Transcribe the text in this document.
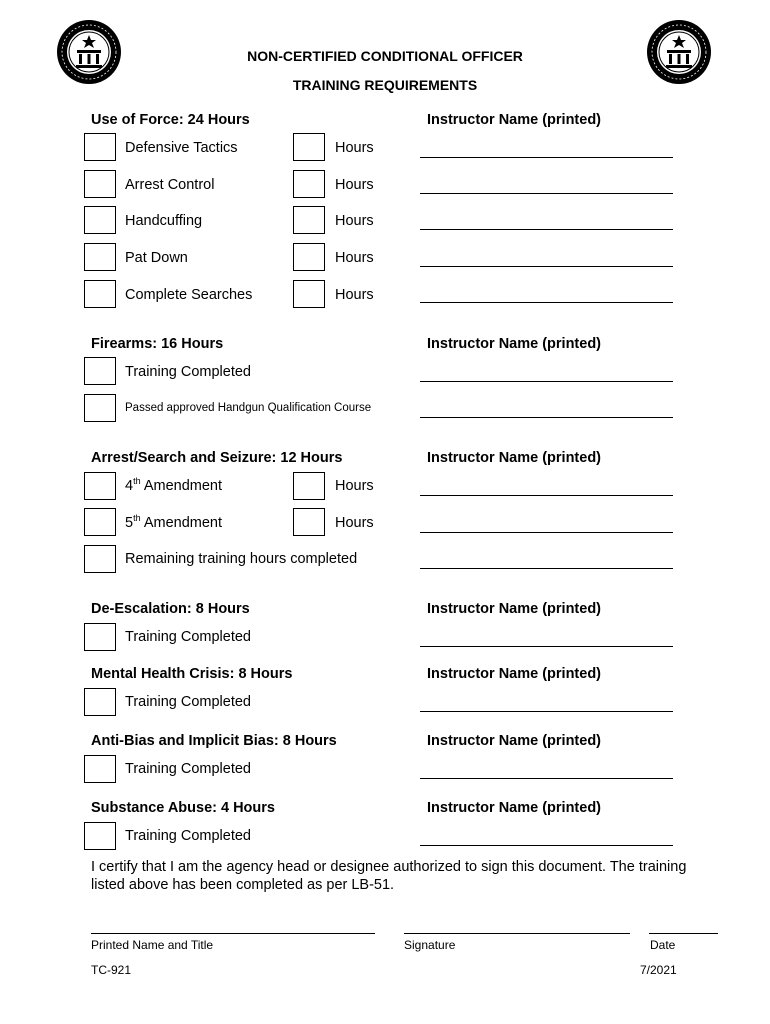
NON-CERTIFIED CONDITIONAL OFFICER
TRAINING REQUIREMENTS
Use of Force: 24 Hours	Instructor Name (printed)
Defensive Tactics	Hours
Arrest Control	Hours
Handcuffing	Hours
Pat Down	Hours
Complete Searches	Hours
Firearms: 16 Hours	Instructor Name (printed)
Training Completed
Passed approved Handgun Qualification Course
Arrest/Search and Seizure: 12 Hours	Instructor Name (printed)
4th Amendment	Hours
5th Amendment	Hours
Remaining training hours completed
De-Escalation: 8 Hours	Instructor Name (printed)
Training Completed
Mental Health Crisis: 8 Hours	Instructor Name (printed)
Training Completed
Anti-Bias and Implicit Bias: 8 Hours	Instructor Name (printed)
Training Completed
Substance Abuse: 4 Hours	Instructor Name (printed)
Training Completed
I certify that I am the agency head or designee authorized to sign this document. The training listed above has been completed as per LB-51.
Printed Name and Title	Signature	Date
TC-921	7/2021
